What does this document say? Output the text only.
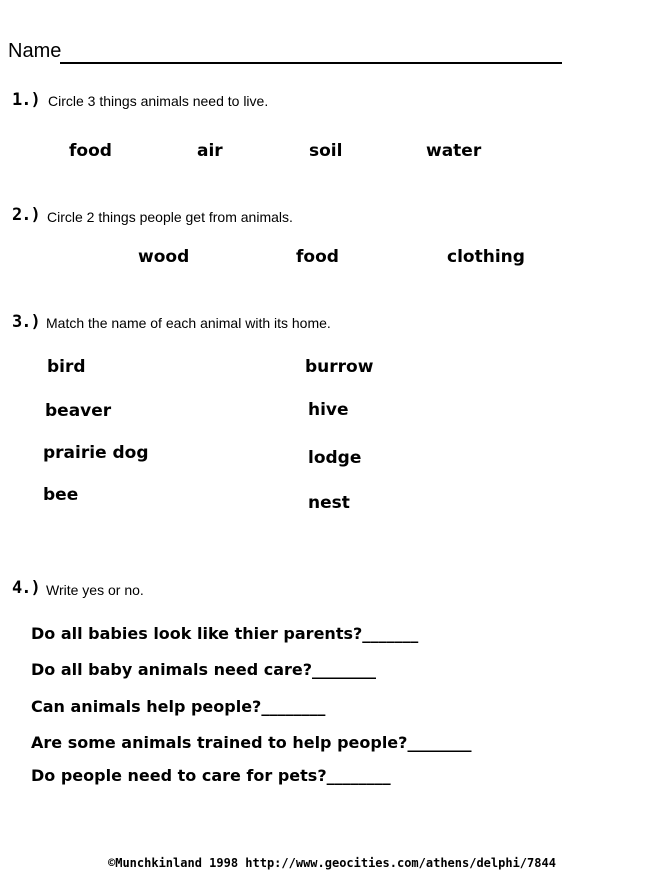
Name
1.) Circle 3 things animals need to live.
food	air	soil	water
2.) Circle 2 things people get from animals.
wood	food	clothing
3.) Match the name of each animal with its home.
bird
beaver
prairie dog
bee
burrow
hive
lodge
nest
4.) Write yes or no.
Do all babies look like thier parents?_______
Do all baby animals need care?________
Can animals help people?________
Are some animals trained to help people?________
Do people need to care for pets?________
©Munchkinland 1998 http://www.geocities.com/athens/delphi/7844
